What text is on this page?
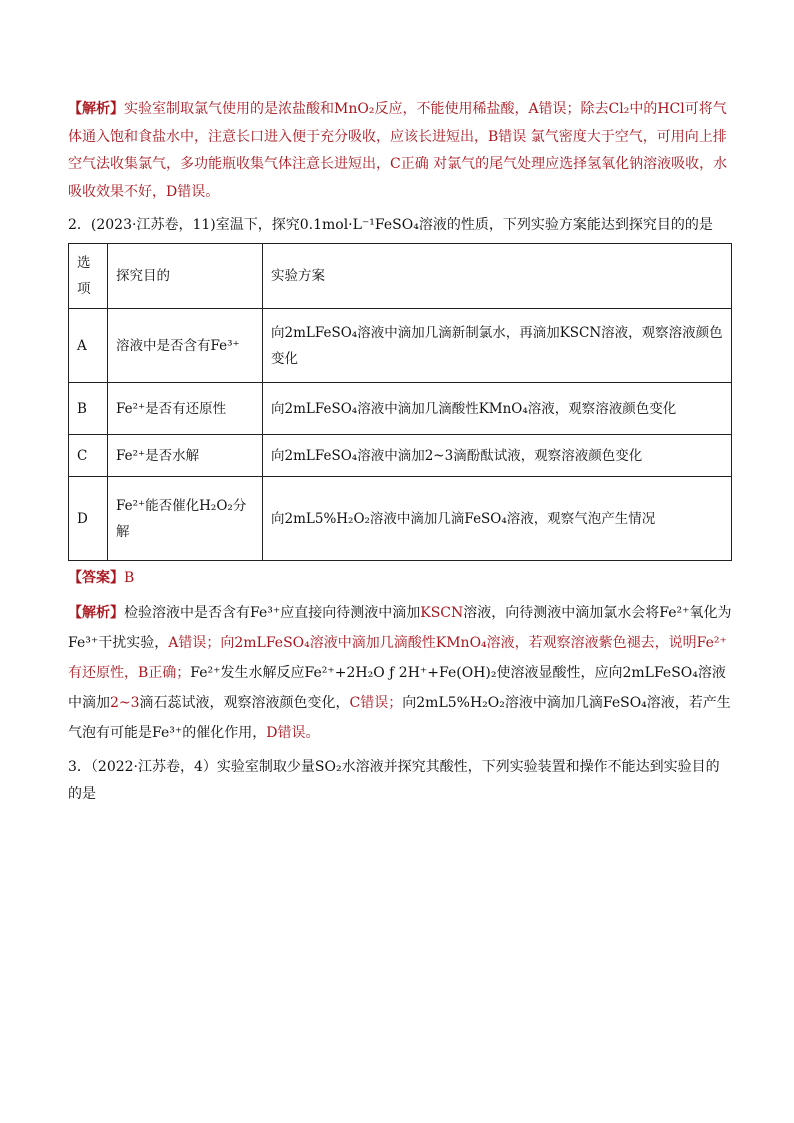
【解析】实验室制取氯气使用的是浓盐酸和MnO₂反应，不能使用稀盐酸，A错误；除去Cl₂中的HCl可将气体通入饱和食盐水中，注意长口进入便于充分吸收，应该长进短出，B错误 氯气密度大于空气，可用向上排空气法收集氯气，多功能瓶收集气体注意长进短出，C正确 对氯气的尾气处理应选择氢氧化钠溶液吸收，水吸收效果不好，D错误。

2．(2023·江苏卷，11)室温下，探究0.1mol·L⁻¹FeSO₄溶液的性质，下列实验方案能达到探究目的的是

选项	探究目的	实验方案
A	溶液中是否含有Fe³⁺	向2mLFeSO₄溶液中滴加几滴新制氯水，再滴加KSCN溶液，观察溶液颜色变化
B	Fe²⁺是否有还原性	向2mLFeSO₄溶液中滴加几滴酸性KMnO₄溶液，观察溶液颜色变化
C	Fe²⁺是否水解	向2mLFeSO₄溶液中滴加2~3滴酚酞试液，观察溶液颜色变化
D	Fe²⁺能否催化H₂O₂分解	向2mL5%H₂O₂溶液中滴加几滴FeSO₄溶液，观察气泡产生情况

【答案】B

【解析】检验溶液中是否含有Fe³⁺应直接向待测液中滴加KSCN溶液，向待测液中滴加氯水会将Fe²⁺氧化为Fe³⁺干扰实验，A错误；向2mLFeSO₄溶液中滴加几滴酸性KMnO₄溶液，若观察溶液紫色褪去，说明Fe²⁺有还原性，B正确；Fe²⁺发生水解反应Fe²⁺+2H₂O ƒ 2H⁺+Fe(OH)₂使溶液显酸性，应向2mLFeSO₄溶液中滴加2~3滴石蕊试液，观察溶液颜色变化，C错误；向2mL5%H₂O₂溶液中滴加几滴FeSO₄溶液，若产生气泡有可能是Fe³⁺的催化作用，D错误。

3．（2022·江苏卷，4）实验室制取少量SO₂水溶液并探究其酸性，下列实验装置和操作不能达到实验目的的是
